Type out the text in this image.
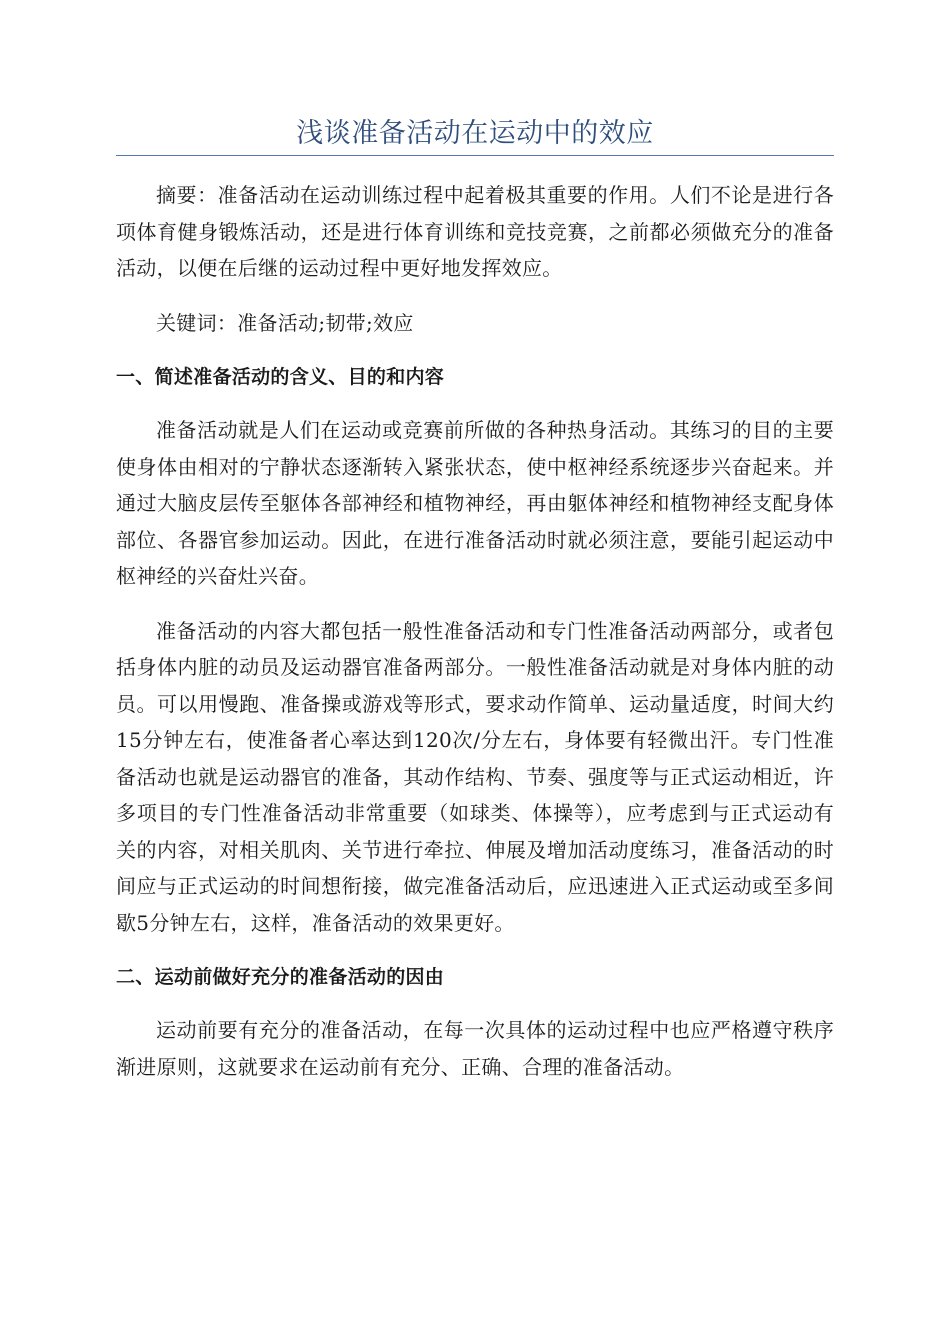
浅谈准备活动在运动中的效应

摘要：准备活动在运动训练过程中起着极其重要的作用。人们不论是进行各项体育健身锻炼活动，还是进行体育训练和竞技竞赛，之前都必须做充分的准备活动，以便在后继的运动过程中更好地发挥效应。

关键词：准备活动;韧带;效应

一、简述准备活动的含义、目的和内容

准备活动就是人们在运动或竞赛前所做的各种热身活动。其练习的目的主要使身体由相对的宁静状态逐渐转入紧张状态，使中枢神经系统逐步兴奋起来。并通过大脑皮层传至躯体各部神经和植物神经，再由躯体神经和植物神经支配身体部位、各器官参加运动。因此，在进行准备活动时就必须注意，要能引起运动中枢神经的兴奋灶兴奋。

准备活动的内容大都包括一般性准备活动和专门性准备活动两部分，或者包括身体内脏的动员及运动器官准备两部分。一般性准备活动就是对身体内脏的动员。可以用慢跑、准备操或游戏等形式，要求动作简单、运动量适度，时间大约15分钟左右，使准备者心率达到120次/分左右，身体要有轻微出汗。专门性准备活动也就是运动器官的准备，其动作结构、节奏、强度等与正式运动相近，许多项目的专门性准备活动非常重要（如球类、体操等），应考虑到与正式运动有关的内容，对相关肌肉、关节进行牵拉、伸展及增加活动度练习，准备活动的时间应与正式运动的时间想衔接，做完准备活动后，应迅速进入正式运动或至多间歇5分钟左右，这样，准备活动的效果更好。

二、运动前做好充分的准备活动的因由

运动前要有充分的准备活动，在每一次具体的运动过程中也应严格遵守秩序渐进原则，这就要求在运动前有充分、正确、合理的准备活动。
